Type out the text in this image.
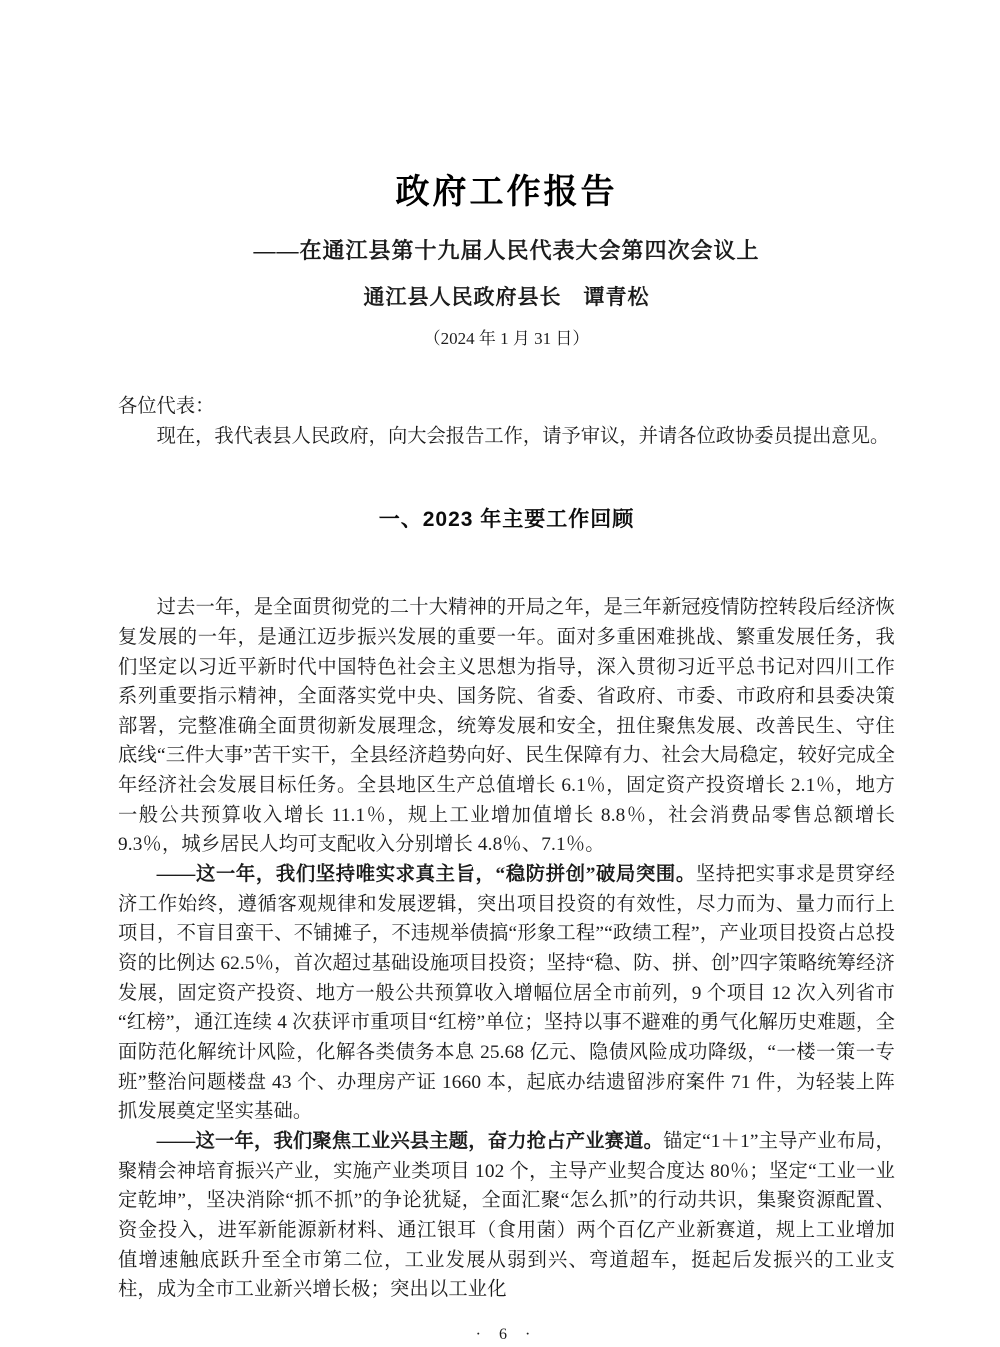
政府工作报告
——在通江县第十九届人民代表大会第四次会议上
通江县人民政府县长　谭青松
（2024 年 1 月 31 日）
各位代表：

现在，我代表县人民政府，向大会报告工作，请予审议，并请各位政协委员提出意见。

一、2023 年主要工作回顾

过去一年，是全面贯彻党的二十大精神的开局之年，是三年新冠疫情防控转段后经济恢复发展的一年，是通江迈步振兴发展的重要一年。面对多重困难挑战、繁重发展任务，我们坚定以习近平新时代中国特色社会主义思想为指导，深入贯彻习近平总书记对四川工作系列重要指示精神，全面落实党中央、国务院、省委、省政府、市委、市政府和县委决策部署，完整准确全面贯彻新发展理念，统筹发展和安全，扭住聚焦发展、改善民生、守住底线“三件大事”苦干实干，全县经济趋势向好、民生保障有力、社会大局稳定，较好完成全年经济社会发展目标任务。全县地区生产总值增长 6.1％，固定资产投资增长 2.1％，地方一般公共预算收入增长 11.1％，规上工业增加值增长 8.8％，社会消费品零售总额增长 9.3％，城乡居民人均可支配收入分别增长 4.8％、7.1％。

——这一年，我们坚持唯实求真主旨，“稳防拼创”破局突围。坚持把实事求是贯穿经济工作始终，遵循客观规律和发展逻辑，突出项目投资的有效性，尽力而为、量力而行上项目，不盲目蛮干、不铺摊子，不违规举债搞“形象工程”“政绩工程”，产业项目投资占总投资的比例达 62.5％，首次超过基础设施项目投资；坚持“稳、防、拼、创”四字策略统筹经济发展，固定资产投资、地方一般公共预算收入增幅位居全市前列，9 个项目 12 次入列省市“红榜”，通江连续 4 次获评市重项目“红榜”单位；坚持以事不避难的勇气化解历史难题，全面防范化解统计风险，化解各类债务本息 25.68 亿元、隐债风险成功降级，“一楼一策一专班”整治问题楼盘 43 个、办理房产证 1660 本，起底办结遗留涉府案件 71 件，为轻装上阵抓发展奠定坚实基础。

——这一年，我们聚焦工业兴县主题，奋力抢占产业赛道。锚定“1＋1”主导产业布局，聚精会神培育振兴产业，实施产业类项目 102 个，主导产业契合度达 80％；坚定“工业一业定乾坤”，坚决消除“抓不抓”的争论犹疑，全面汇聚“怎么抓”的行动共识，集聚资源配置、资金投入，进军新能源新材料、通江银耳（食用菌）两个百亿产业新赛道，规上工业增加值增速触底跃升至全市第二位，工业发展从弱到兴、弯道超车，挺起后发振兴的工业支柱，成为全市工业新兴增长极；突出以工业化

· 6 ·
